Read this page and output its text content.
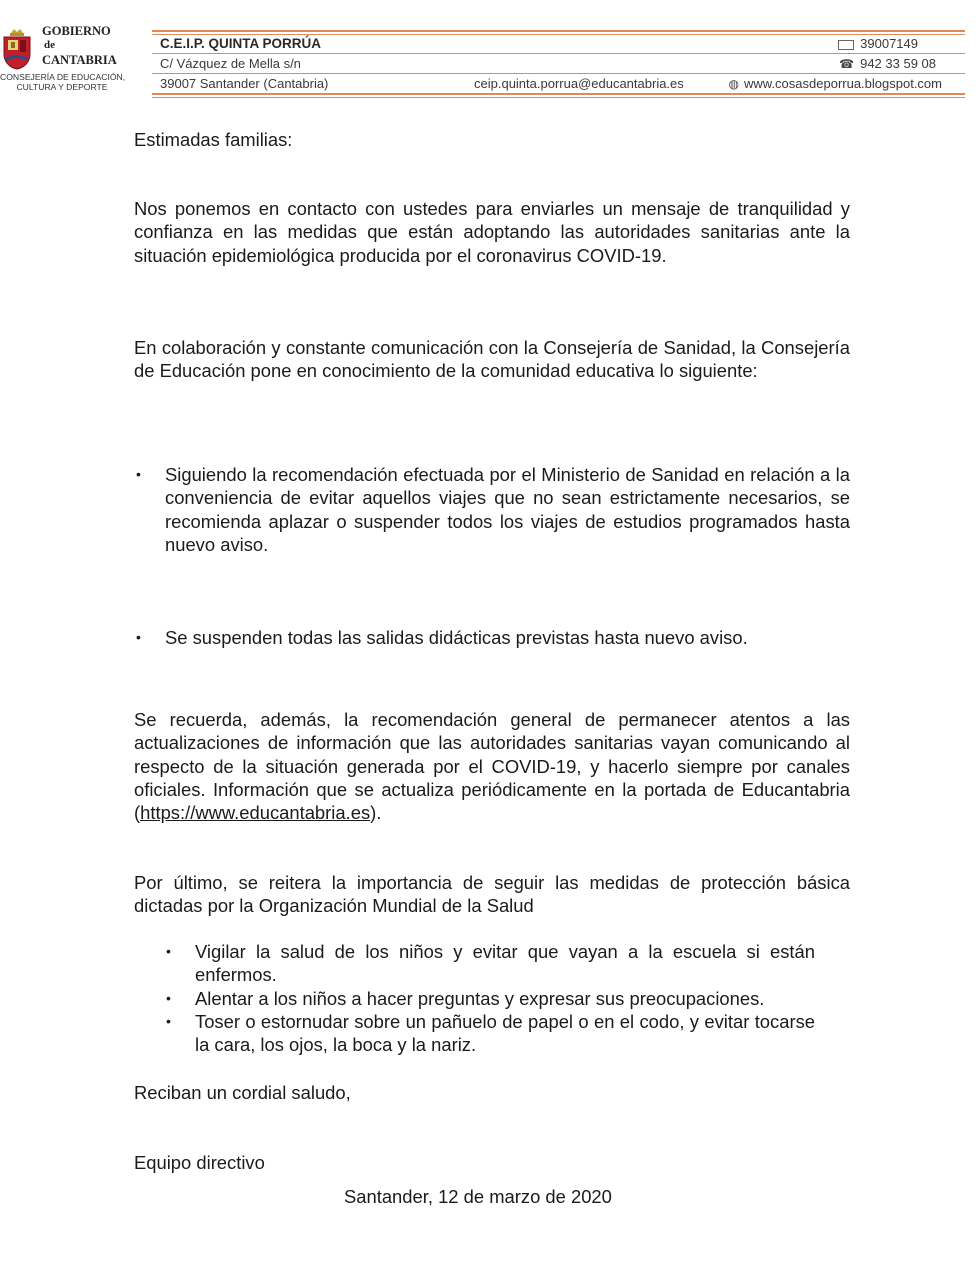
GOBIERNO
de
CANTABRIA
CONSEJERÍA DE EDUCACIÓN,
CULTURA Y DEPORTE
C.E.I.P. QUINTA PORRÚA	39007149
C/ Vázquez de Mella s/n	☎ 942 33 59 08
39007 Santander (Cantabria)	ceip.quinta.porrua@educantabria.es	◍ www.cosasdeporrua.blogspot.com
Estimadas familias:
Nos ponemos en contacto con ustedes para enviarles un mensaje de tranquilidad y confianza en las medidas que están adoptando las autoridades sanitarias ante la situación epidemiológica producida por el coronavirus COVID-19.
En colaboración y constante comunicación con la Consejería de Sanidad, la Consejería de Educación pone en conocimiento de la comunidad educativa lo siguiente:
• Siguiendo la recomendación efectuada por el Ministerio de Sanidad en relación a la conveniencia de evitar aquellos viajes que no sean estrictamente necesarios, se recomienda aplazar o suspender todos los viajes de estudios programados hasta nuevo aviso.
• Se suspenden todas las salidas didácticas previstas hasta nuevo aviso.
Se recuerda, además, la recomendación general de permanecer atentos a las actualizaciones de información que las autoridades sanitarias vayan comunicando al respecto de la situación generada por el COVID-19, y hacerlo siempre por canales oficiales. Información que se actualiza periódicamente en la portada de Educantabria (https://www.educantabria.es).
Por último, se reitera la importancia de seguir las medidas de protección básica dictadas por la Organización Mundial de la Salud
• Vigilar la salud de los niños y evitar que vayan a la escuela si están enfermos.
• Alentar a los niños a hacer preguntas y expresar sus preocupaciones.
• Toser o estornudar sobre un pañuelo de papel o en el codo, y evitar tocarse la cara, los ojos, la boca y la nariz.
Reciban un cordial saludo,
Equipo directivo
Santander, 12 de marzo de 2020
